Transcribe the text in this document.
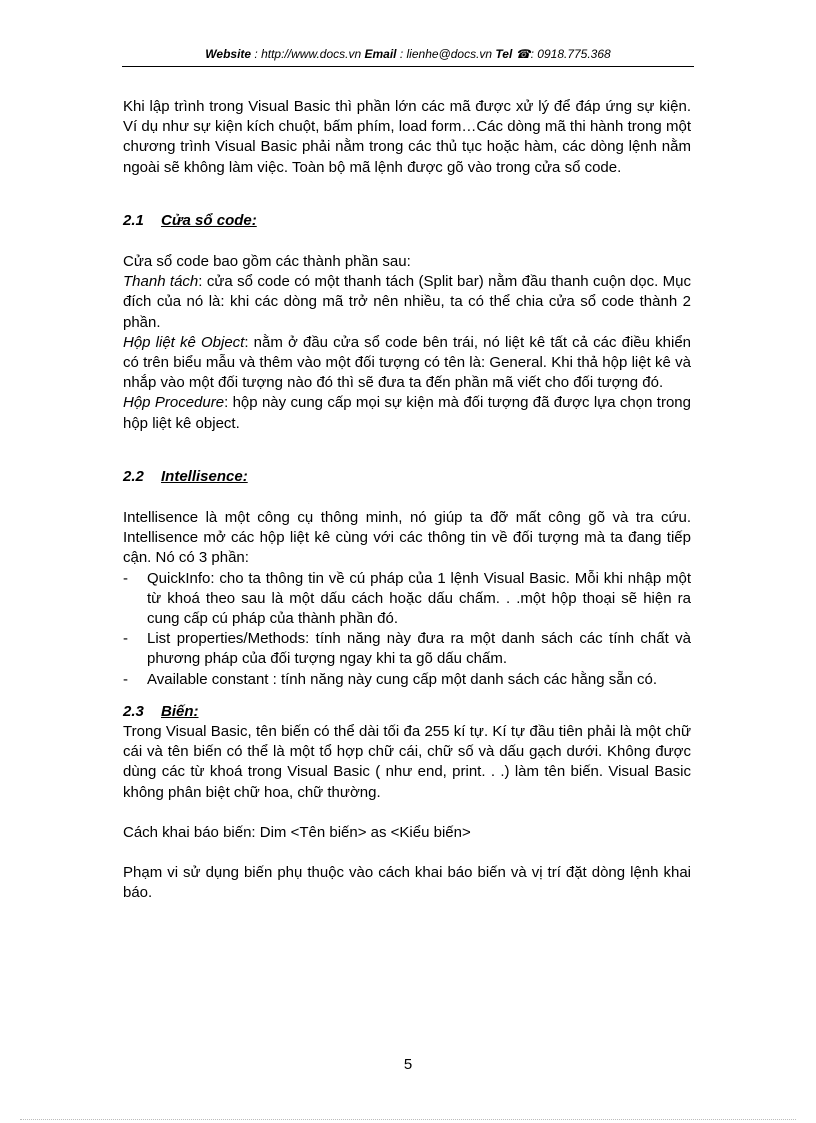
Website : http://www.docs.vn Email : lienhe@docs.vn Tel ☎: 0918.775.368

Khi lập trình trong Visual Basic thì phần lớn các mã được xử lý để đáp ứng sự kiện. Ví dụ như sự kiện kích chuột, bấm phím, load form…Các dòng mã thi hành trong một chương trình Visual Basic phải nằm trong các thủ tục hoặc hàm, các dòng lệnh nằm ngoài sẽ không làm việc. Toàn bộ mã lệnh được gõ vào trong cửa sổ code.

2.1 Cửa sổ code:

Cửa sổ code bao gồm các thành phần sau:

Thanh tách: cửa sổ code có một thanh tách (Split bar) nằm đầu thanh cuộn dọc. Mục đích của nó là: khi các dòng mã trở nên nhiều, ta có thể chia cửa sổ code thành 2 phần.

Hộp liệt kê Object: nằm ở đầu cửa sổ code bên trái, nó liệt kê tất cả các điều khiển có trên biểu mẫu và thêm vào một đối tượng có tên là: General. Khi thả hộp liệt kê và nhắp vào một đối tượng nào đó thì sẽ đưa ta đến phần mã viết cho đối tượng đó.

Hộp Procedure: hộp này cung cấp mọi sự kiện mà đối tượng đã được lựa chọn trong hộp liệt kê object.

2.2 Intellisence:

Intellisence là một công cụ thông minh, nó giúp ta đỡ mất công gõ và tra cứu. Intellisence mở các hộp liệt kê cùng với các thông tin về đối tượng mà ta đang tiếp cận. Nó có 3 phần:

- QuickInfo: cho ta thông tin về cú pháp của 1 lệnh Visual Basic. Mỗi khi nhập một từ khoá theo sau là một dấu cách hoặc dấu chấm. . .một hộp thoại sẽ hiện ra cung cấp cú pháp của thành phần đó.
- List properties/Methods: tính năng này đưa ra một danh sách các tính chất và phương pháp của đối tượng ngay khi ta gõ dấu chấm.
- Available constant : tính năng này cung cấp một danh sách các hằng sẵn có.

2.3 Biến:

Trong Visual Basic, tên biến có thể dài tối đa 255 kí tự. Kí tự đầu tiên phải là một chữ cái và tên biến có thể là một tổ hợp chữ cái, chữ số và dấu gạch dưới. Không được dùng các từ khoá trong Visual Basic ( như end, print. . .) làm tên biến. Visual Basic không phân biệt chữ hoa, chữ thường.

Cách khai báo biến: Dim <Tên biến> as <Kiểu biến>

Phạm vi sử dụng biến phụ thuộc vào cách khai báo biến và vị trí đặt dòng lệnh khai báo.

5
